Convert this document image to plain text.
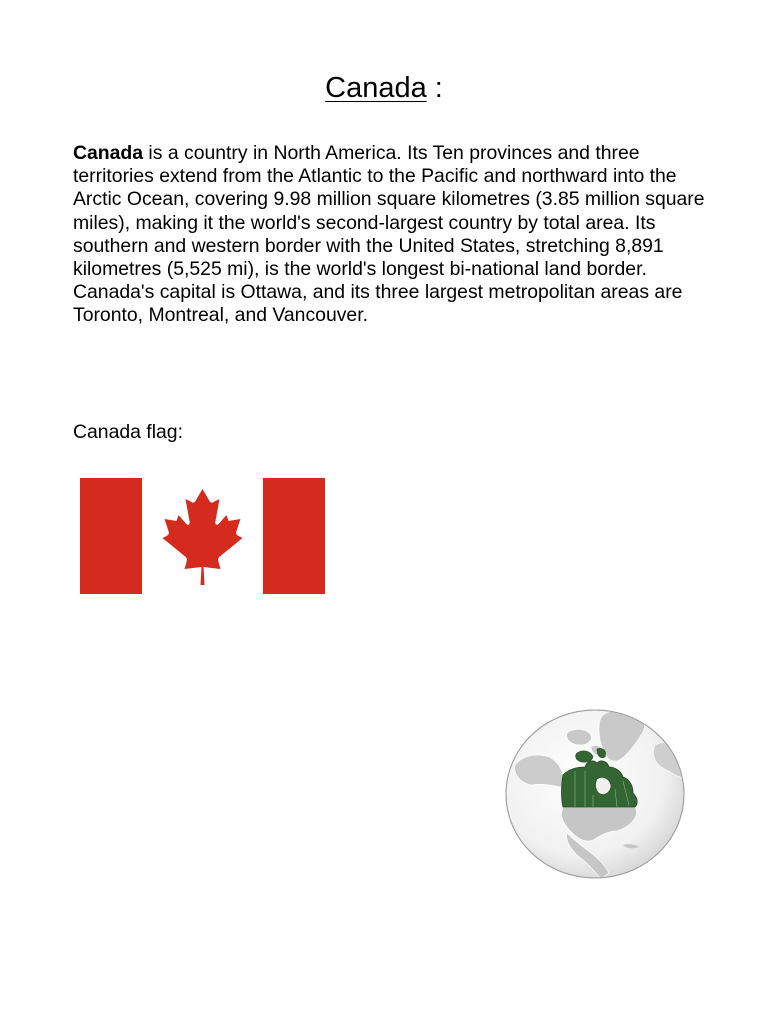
Canada :

Canada is a country in North America. Its Ten provinces and three territories extend from the Atlantic to the Pacific and northward into the Arctic Ocean, covering 9.98 million square kilometres (3.85 million square miles), making it the world's second-largest country by total area. Its southern and western border with the United States, stretching 8,891 kilometres (5,525 mi), is the world's longest bi-national land border. Canada's capital is Ottawa, and its three largest metropolitan areas are Toronto, Montreal, and Vancouver.

Canada flag:
